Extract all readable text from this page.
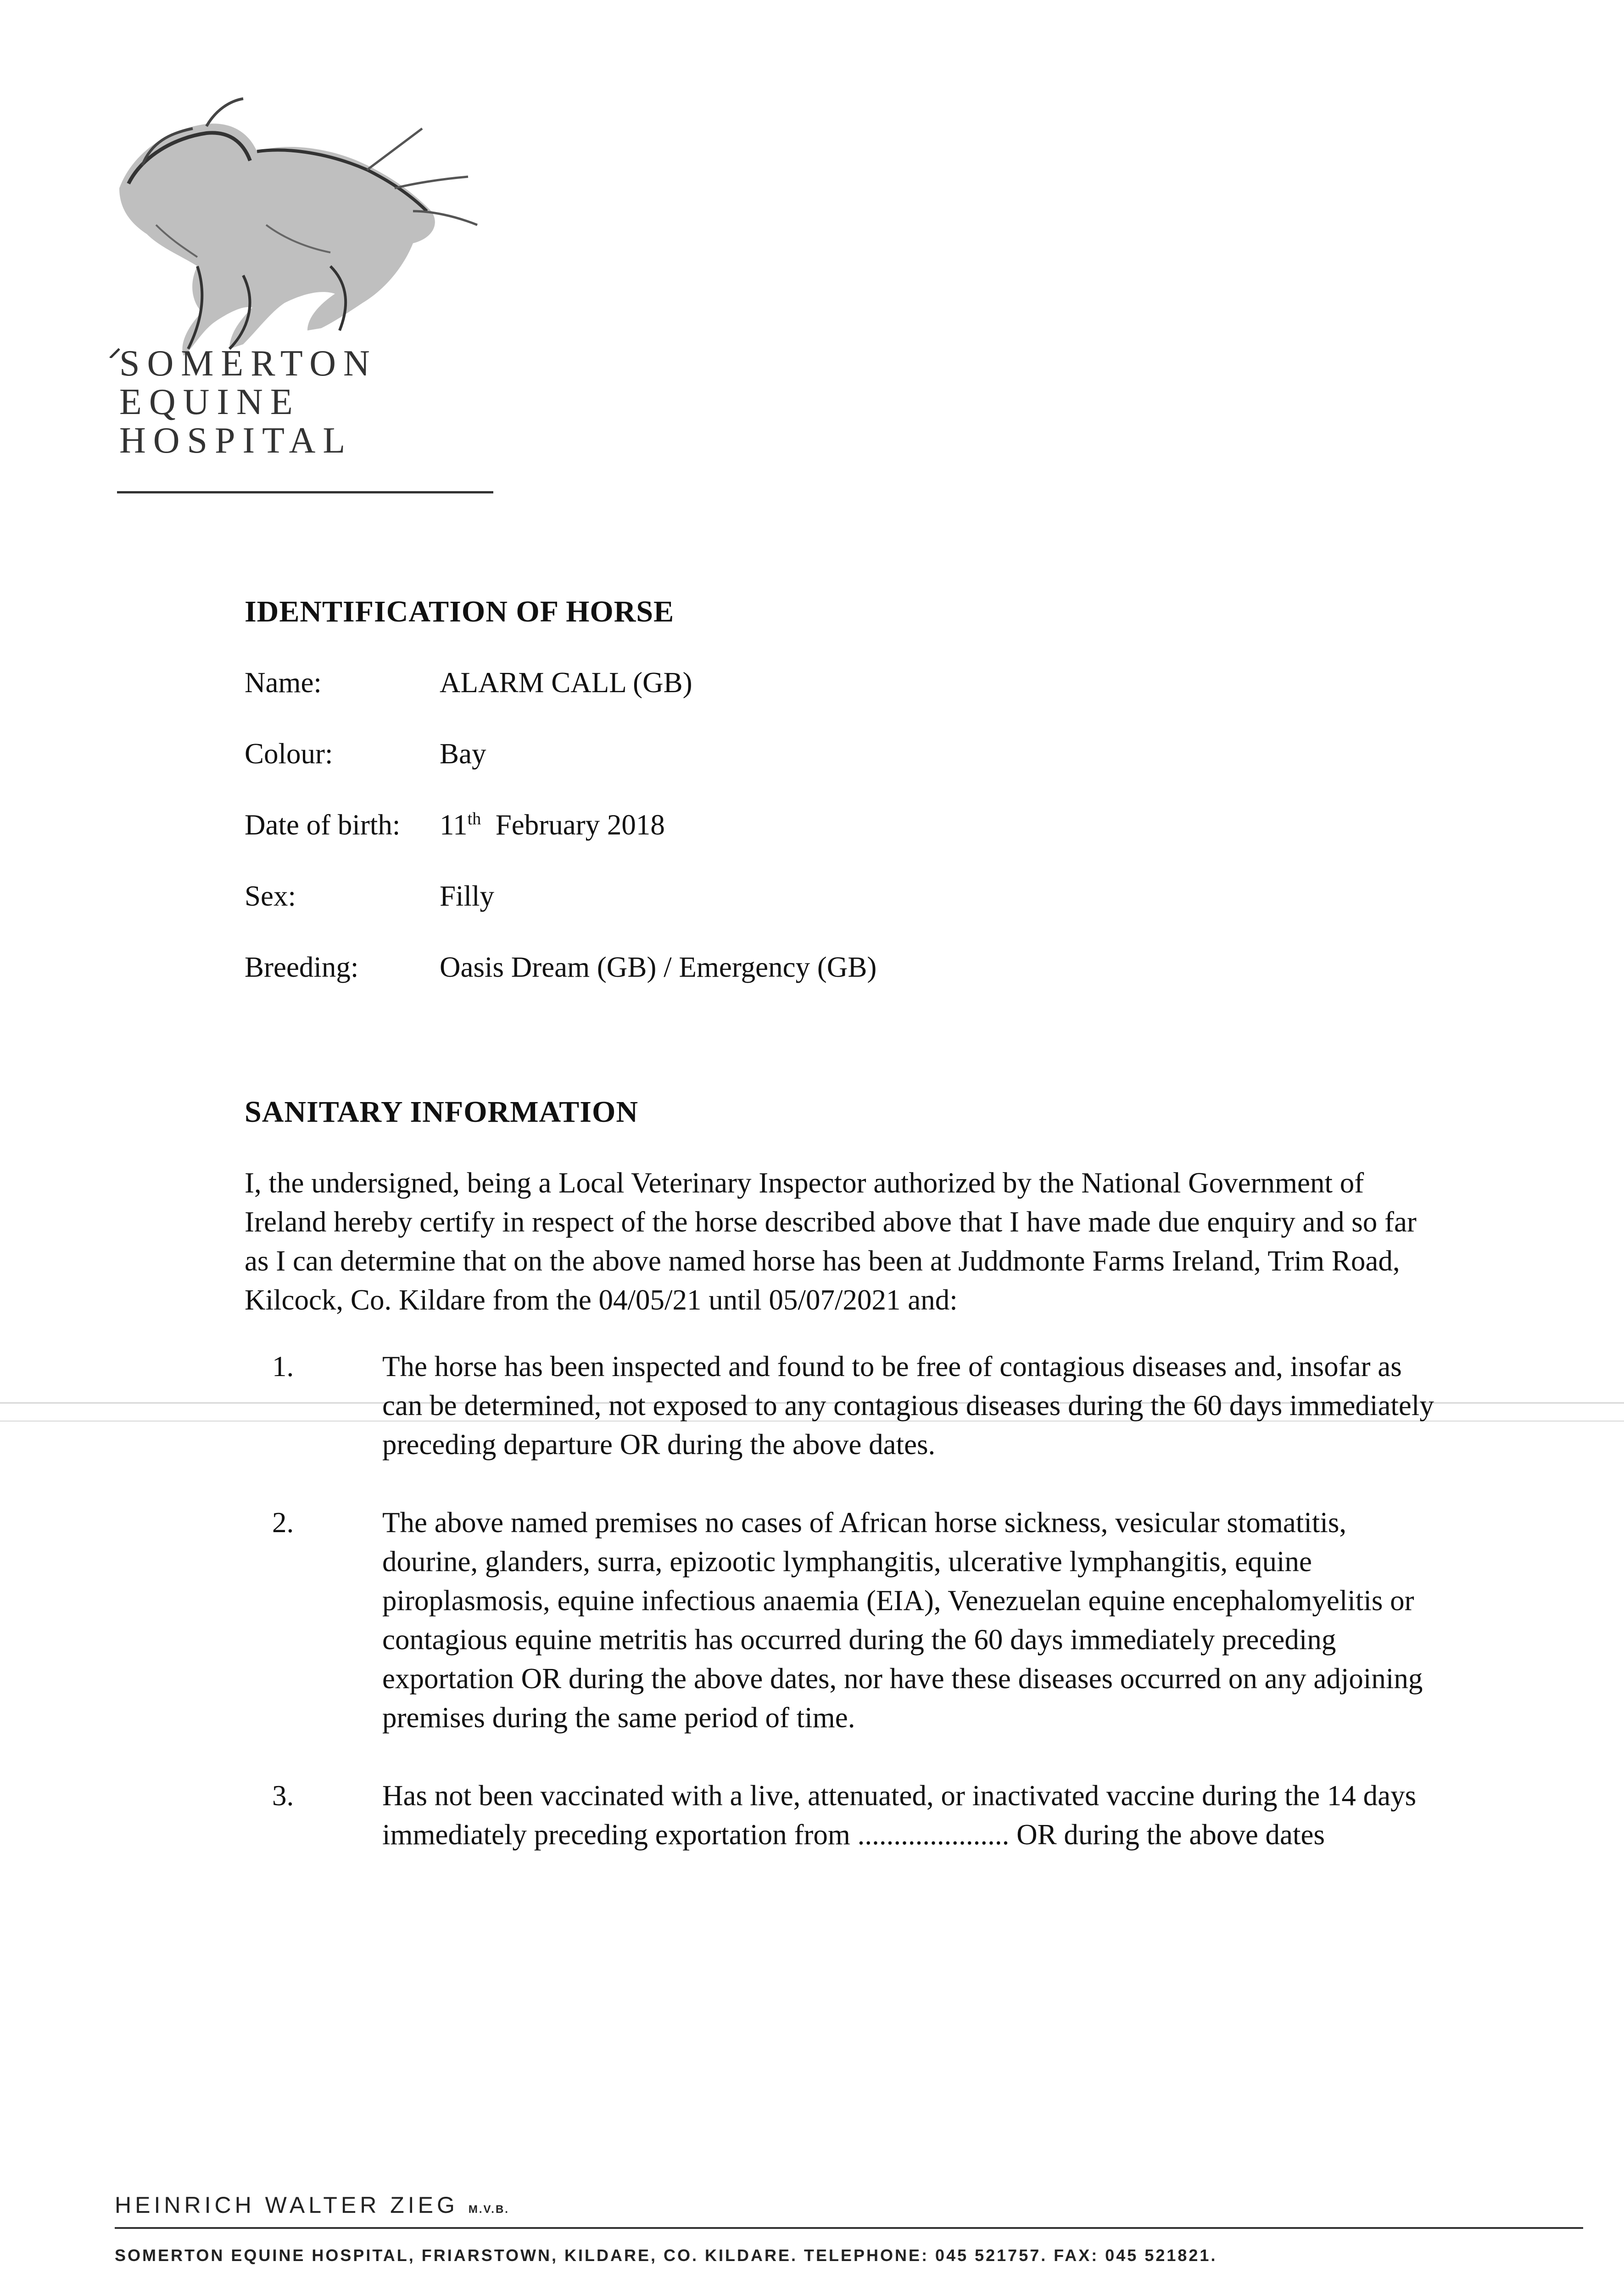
SOMERTON
EQUINE
HOSPITAL
IDENTIFICATION OF HORSE
Name:	ALARM CALL (GB)
Colour:	Bay
Date of birth:	11th February 2018
Sex:	Filly
Breeding:	Oasis Dream (GB) / Emergency (GB)
SANITARY INFORMATION
I, the undersigned, being a Local Veterinary Inspector authorized by the National Government of Ireland hereby certify in respect of the horse described above that I have made due enquiry and so far as I can determine that on the above named horse has been at Juddmonte Farms Ireland, Trim Road, Kilcock, Co. Kildare from the 04/05/21 until 05/07/2021 and:
1.	The horse has been inspected and found to be free of contagious diseases and, insofar as can be determined, not exposed to any contagious diseases during the 60 days immediately preceding departure OR during the above dates.
2.	The above named premises no cases of African horse sickness, vesicular stomatitis, dourine, glanders, surra, epizootic lymphangitis, ulcerative lymphangitis, equine piroplasmosis, equine infectious anaemia (EIA), Venezuelan equine encephalomyelitis or contagious equine metritis has occurred during the 60 days immediately preceding exportation OR during the above dates, nor have these diseases occurred on any adjoining premises during the same period of time.
3.	Has not been vaccinated with a live, attenuated, or inactivated vaccine during the 14 days immediately preceding exportation from ..................... OR during the above dates
HEINRICH WALTER ZIEG M.V.B.
SOMERTON EQUINE HOSPITAL, FRIARSTOWN, KILDARE, CO. KILDARE. TELEPHONE: 045 521757. FAX: 045 521821.
